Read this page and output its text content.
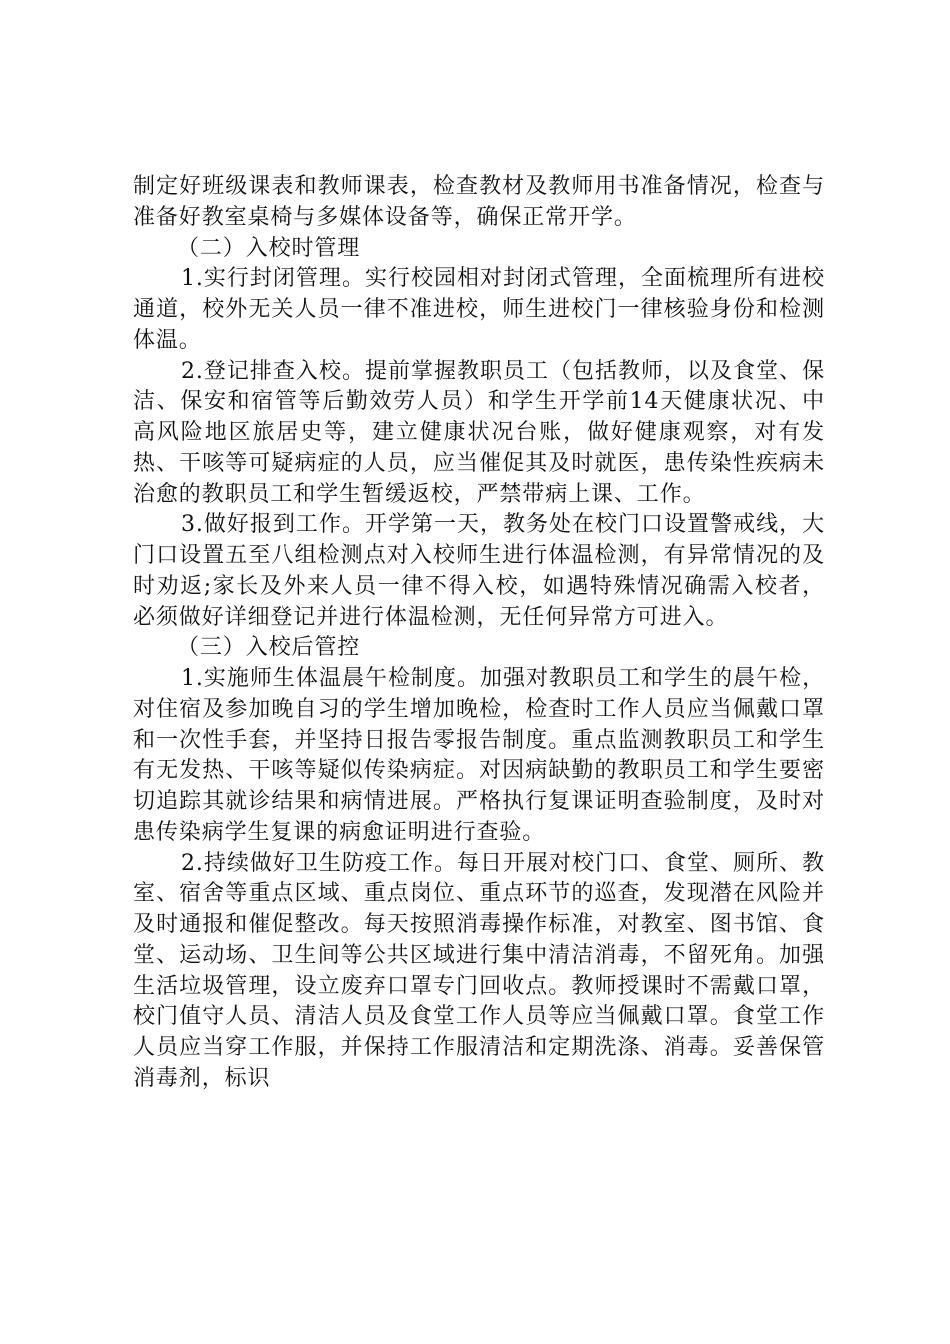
制定好班级课表和教师课表，检查教材及教师用书准备情况，检查与准备好教室桌椅与多媒体设备等，确保正常开学。

（二）入校时管理

1.实行封闭管理。实行校园相对封闭式管理，全面梳理所有进校通道，校外无关人员一律不准进校，师生进校门一律核验身份和检测体温。

2.登记排查入校。提前掌握教职员工（包括教师，以及食堂、保洁、保安和宿管等后勤效劳人员）和学生开学前14天健康状况、中高风险地区旅居史等，建立健康状况台账，做好健康观察，对有发热、干咳等可疑病症的人员，应当催促其及时就医，患传染性疾病未治愈的教职员工和学生暂缓返校，严禁带病上课、工作。

3.做好报到工作。开学第一天，教务处在校门口设置警戒线，大门口设置五至八组检测点对入校师生进行体温检测，有异常情况的及时劝返;家长及外来人员一律不得入校，如遇特殊情况确需入校者，必须做好详细登记并进行体温检测，无任何异常方可进入。

（三）入校后管控

1.实施师生体温晨午检制度。加强对教职员工和学生的晨午检，对住宿及参加晚自习的学生增加晚检，检查时工作人员应当佩戴口罩和一次性手套，并坚持日报告零报告制度。重点监测教职员工和学生有无发热、干咳等疑似传染病症。对因病缺勤的教职员工和学生要密切追踪其就诊结果和病情进展。严格执行复课证明查验制度，及时对患传染病学生复课的病愈证明进行查验。

2.持续做好卫生防疫工作。每日开展对校门口、食堂、厕所、教室、宿舍等重点区域、重点岗位、重点环节的巡查，发现潜在风险并及时通报和催促整改。每天按照消毒操作标准，对教室、图书馆、食堂、运动场、卫生间等公共区域进行集中清洁消毒，不留死角。加强生活垃圾管理，设立废弃口罩专门回收点。教师授课时不需戴口罩，校门值守人员、清洁人员及食堂工作人员等应当佩戴口罩。食堂工作人员应当穿工作服，并保持工作服清洁和定期洗涤、消毒。妥善保管消毒剂，标识
